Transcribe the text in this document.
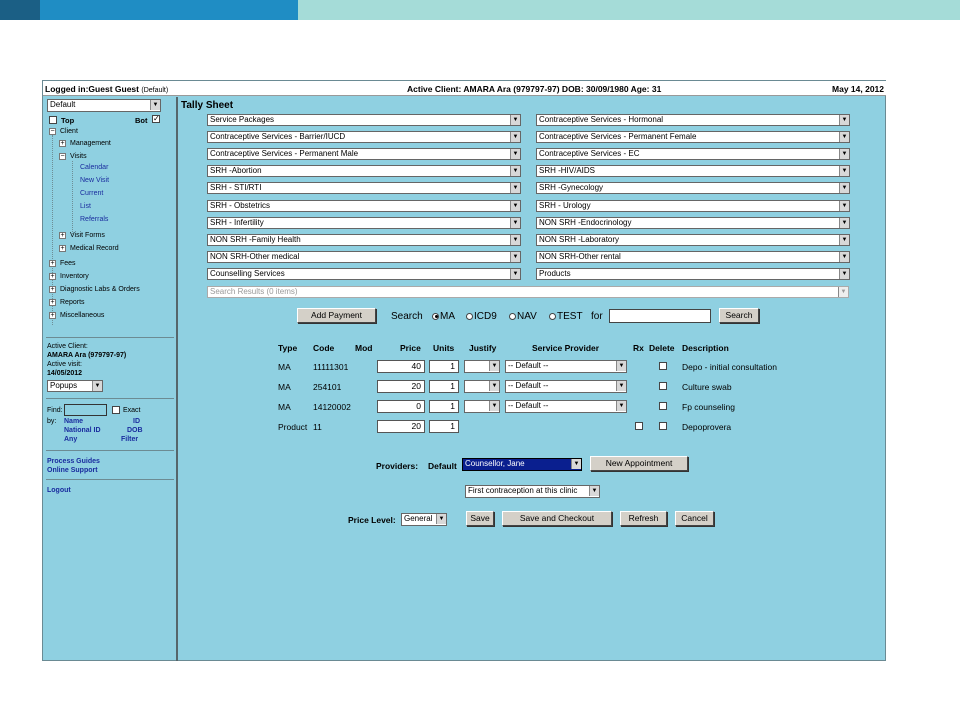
Logged in:Guest Guest (Default)	Active Client: AMARA Ara (979797-97) DOB: 30/09/1980 Age: 31	May 14, 2012
Default	▼
Top	Bot ✓
− Client
+ Management
− Visits
Calendar
New Visit
Current
List
Referrals
+ Visit Forms
+ Medical Record
+ Fees
+ Inventory
+ Diagnostic Labs & Orders
+ Reports
+ Miscellaneous
Active Client:
AMARA Ara (979797-97)
Active visit:
14/05/2012
Popups	▼
Find:	Exact
by: Name	ID
National ID	DOB
Any	Filter
Process Guides
Online Support
Logout
Tally Sheet
Service Packages	▼
Contraceptive Services - Barrier/IUCD	▼
Contraceptive Services - Permanent Male	▼
SRH -Abortion	▼
SRH - STI/RTI	▼
SRH - Obstetrics	▼
SRH - Infertility	▼
NON SRH -Family Health	▼
NON SRH-Other medical	▼
Counselling Services	▼
Contraceptive Services - Hormonal	▼
Contraceptive Services - Permanent Female	▼
Contraceptive Services - EC	▼
SRH -HIV/AIDS	▼
SRH -Gynecology	▼
SRH - Urology	▼
NON SRH -Endocrinology	▼
NON SRH -Laboratory	▼
NON SRH-Other rental	▼
Products	▼
Search Results (0 items)	▼
Add Payment	Search	MA	ICD9	NAV	TEST for	Search
Type Code Mod	Price Units Justify	Service Provider	Rx Delete Description
MA	11111301	40	1	▼	-- Default --	▼	Depo - initial consultation
MA	254101	20	1	▼	-- Default --	▼	Culture swab
MA	14120002	0	1	▼	-- Default --	▼	Fp counseling
Product 11	20	1	Depoprovera
Providers: Default	Counsellor, Jane	▼	New Appointment
First contraception at this clinic	▼
Price Level:	General	▼	Save	Save and Checkout	Refresh	Cancel
